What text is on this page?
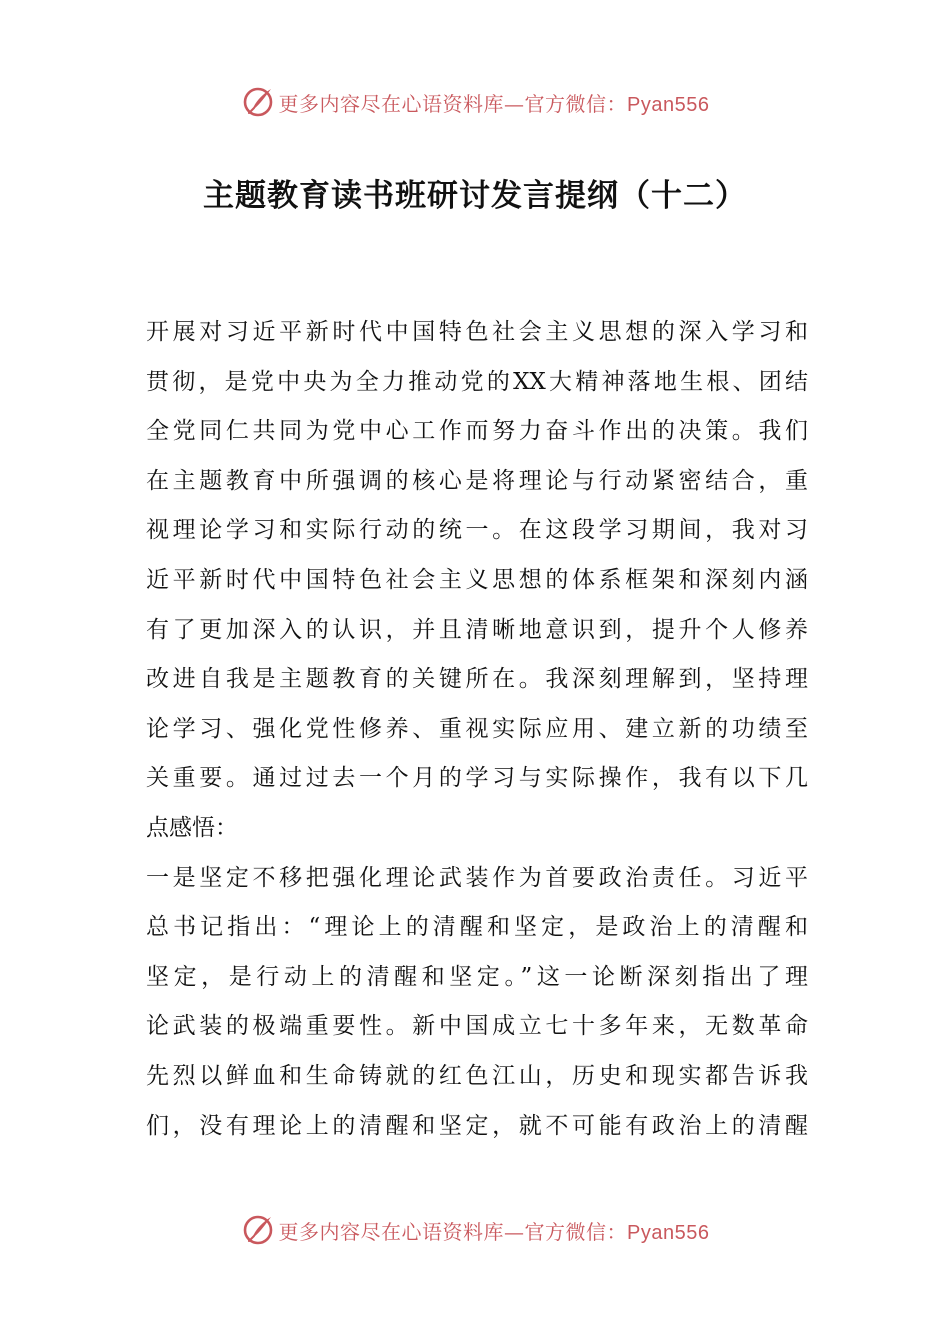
更多内容尽在心语资料库—官方微信：Pyan556
主题教育读书班研讨发言提纲（十二）
开展对习近平新时代中国特色社会主义思想的深入学习和
贯彻，是党中央为全力推动党的XX大精神落地生根、团结
全党同仁共同为党中心工作而努力奋斗作出的决策。我们
在主题教育中所强调的核心是将理论与行动紧密结合，重
视理论学习和实际行动的统一。在这段学习期间，我对习
近平新时代中国特色社会主义思想的体系框架和深刻内涵
有了更加深入的认识，并且清晰地意识到，提升个人修养
改进自我是主题教育的关键所在。我深刻理解到，坚持理
论学习、强化党性修养、重视实际应用、建立新的功绩至
关重要。通过过去一个月的学习与实际操作，我有以下几
点感悟：
一是坚定不移把强化理论武装作为首要政治责任。习近平
总书记指出：“理论上的清醒和坚定，是政治上的清醒和
坚定，是行动上的清醒和坚定。”这一论断深刻指出了理
论武装的极端重要性。新中国成立七十多年来，无数革命
先烈以鲜血和生命铸就的红色江山，历史和现实都告诉我
们，没有理论上的清醒和坚定，就不可能有政治上的清醒
更多内容尽在心语资料库—官方微信：Pyan556
